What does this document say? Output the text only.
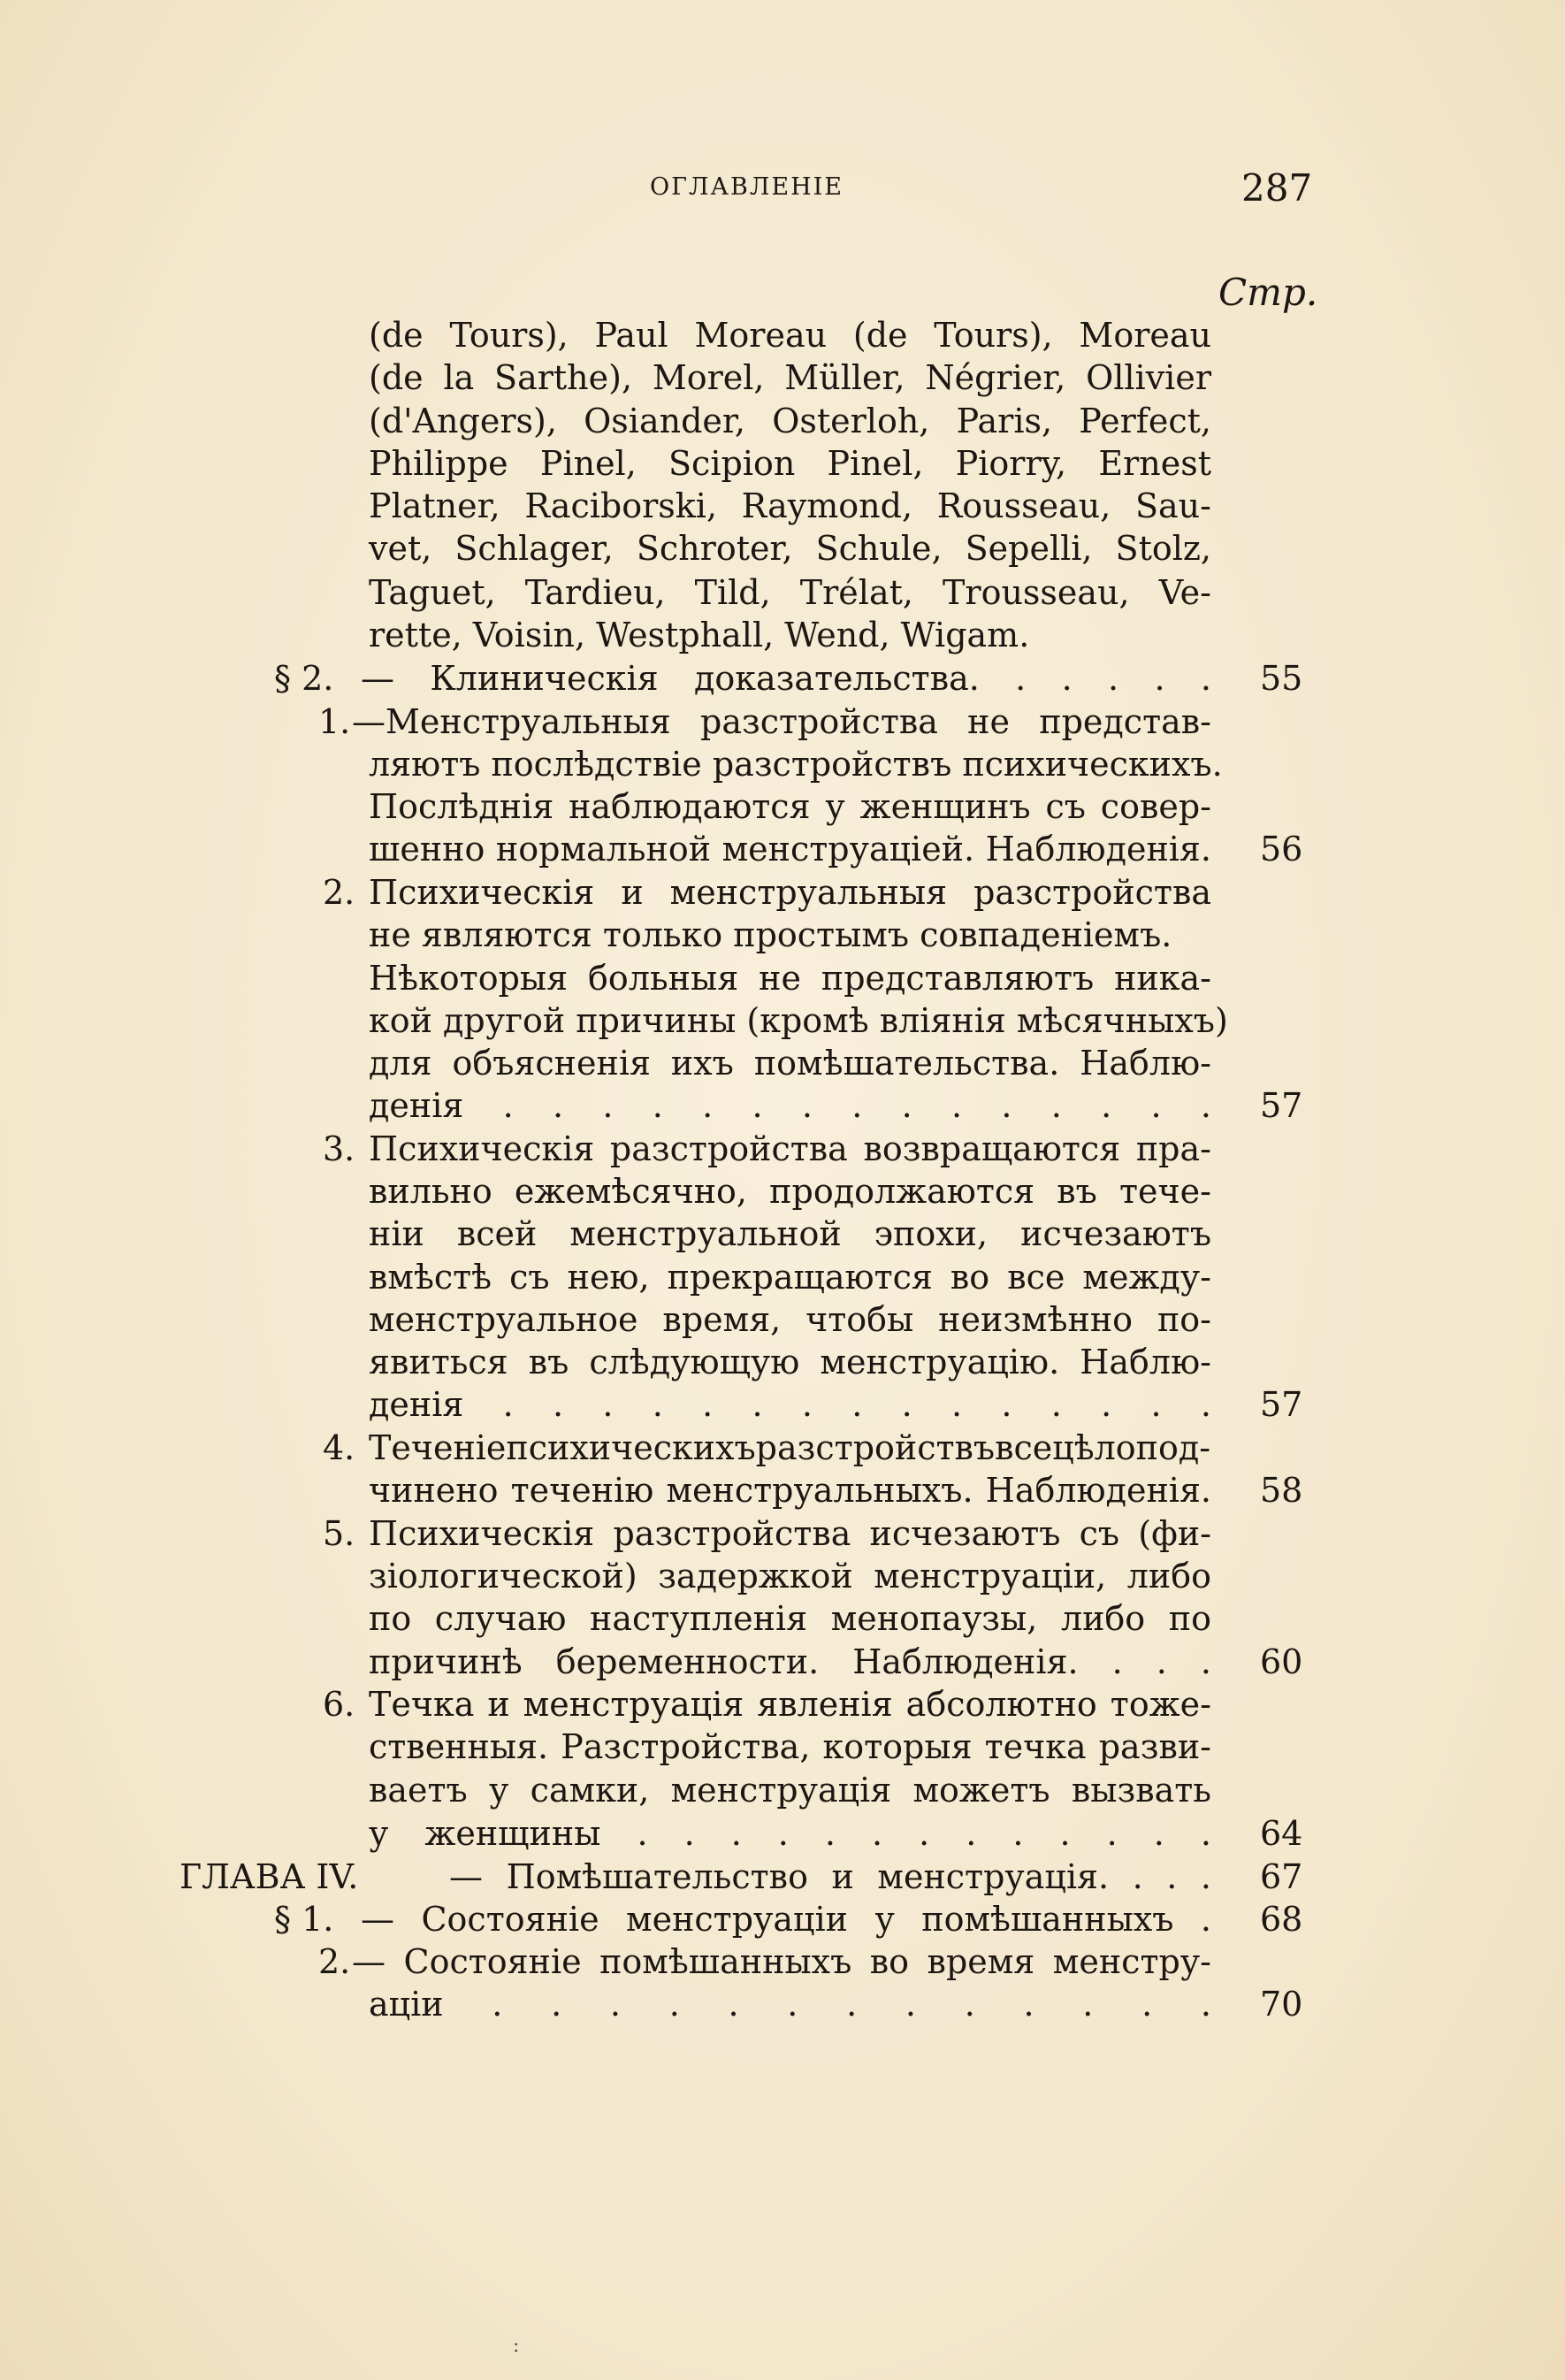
ОГЛАВЛЕНІЕ	287
Стр.
(de Tours), Paul Moreau (de Tours), Moreau
(de la Sarthe), Morel, Müller, Négrier, Ollivier
(d'Angers), Osiander, Osterloh, Paris, Perfect,
Philippe Pinel, Scipion Pinel, Piorry, Ernest
Platner, Raciborski, Raymond, Rousseau, Sau-
vet, Schlager, Schroter, Schule, Sepelli, Stolz,
Taguet, Tardieu, Tild, Trélat, Trousseau, Ve-
rette, Voisin, Westphall, Wend, Wigam.
§ 2. — Клиническія доказательства. . . . . . 55
1. —Менструальныя разстройства не представ-
ляютъ послѣдствіе разстройствъ психическихъ.
Послѣднія наблюдаются у женщинъ съ совер-
шенно нормальной менструаціей. Наблюденія. 56
2. Психическія и менструальныя разстройства
не являются только простымъ совпаденіемъ.
Нѣкоторыя больныя не представляютъ ника-
кой другой причины (кромѣ вліянія мѣсячныхъ)
для объясненія ихъ помѣшательства. Наблю-
денія . . . . . . . . . . . . . . . 57
3. Психическія разстройства возвращаются пра-
вильно ежемѣсячно, продолжаются въ тече-
ніи всей менструальной эпохи, исчезаютъ
вмѣстѣ съ нею, прекращаются во все между-
менструальное время, чтобы неизмѣнно по-
явиться въ слѣдующую менструацію. Наблю-
денія . . . . . . . . . . . . . . . 57
4. Теченіепсихическихъразстройствъвсецѣлопод-
чинено теченію менструальныхъ. Наблюденія. 58
5. Психическія разстройства исчезаютъ съ (фи-
зіологической) задержкой менструаціи, либо
по случаю наступленія менопаузы, либо по
причинѣ беременности. Наблюденія. . . . 60
6. Течка и менструація явленія абсолютно тоже-
ственныя. Разстройства, которыя течка разви-
ваетъ у самки, менструація можетъ вызвать
у женщины . . . . . . . . . . . . . 64
ГЛАВА IV.	— Помѣшательство и менструація. . . . 67
§ 1. — Состояніе менструаціи у помѣшанныхъ . 68
2. — Состояніе помѣшанныхъ во время менстру-
аціи . . . . . . . . . . . . . 70
:
